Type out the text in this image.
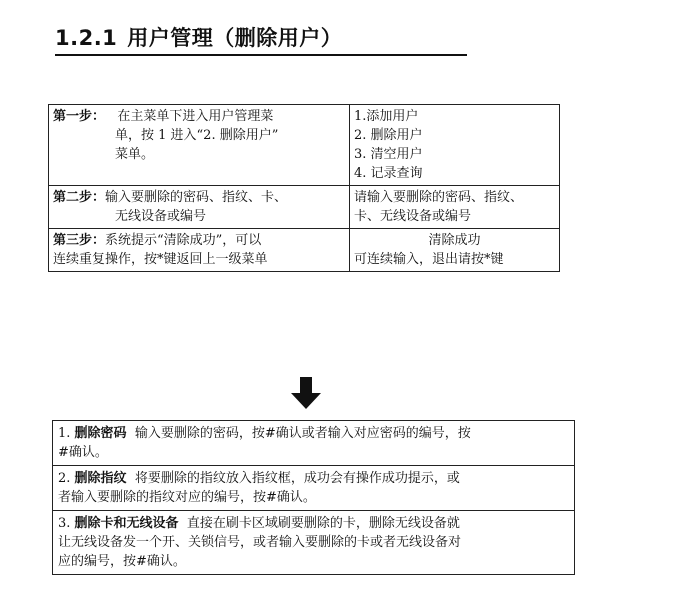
1.2.1 用户管理（删除用户）
第一步： 在主菜单下进入用户管理菜
单，按 1 进入“2. 删除用户”
菜单。	1.添加用户
2. 删除用户
3. 清空用户
4. 记录查询

第二步：输入要删除的密码、指纹、卡、
无线设备或编号	请输入要删除的密码、指纹、
卡、无线设备或编号

第三步：系统提示“清除成功”，可以
连续重复操作，按*键返回上一级菜单	清除成功
可连续输入，退出请按*键
1. 删除密码 输入要删除的密码，按#确认或者输入对应密码的编号，按
#确认。

2. 删除指纹 将要删除的指纹放入指纹框，成功会有操作成功提示，或
者输入要删除的指纹对应的编号，按#确认。

3. 删除卡和无线设备 直接在刷卡区域刷要删除的卡，删除无线设备就
让无线设备发一个开、关锁信号，或者输入要删除的卡或者无线设备对
应的编号，按#确认。
